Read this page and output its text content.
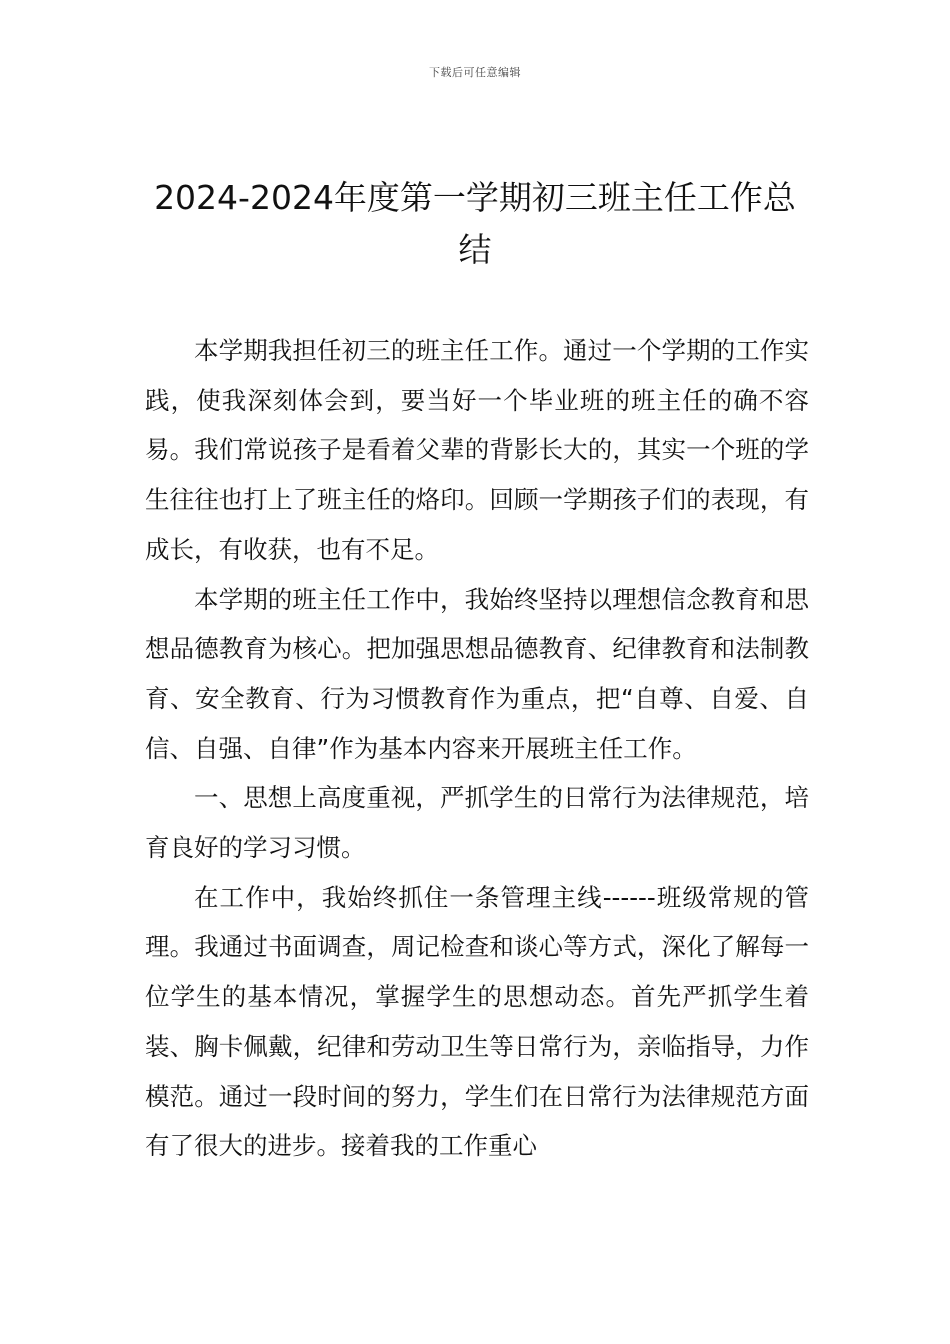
下载后可任意编辑
2024-2024年度第一学期初三班主任工作总结

本学期我担任初三的班主任工作。通过一个学期的工作实践，使我深刻体会到，要当好一个毕业班的班主任的确不容易。我们常说孩子是看着父辈的背影长大的，其实一个班的学生往往也打上了班主任的烙印。回顾一学期孩子们的表现，有成长，有收获，也有不足。

本学期的班主任工作中，我始终坚持以理想信念教育和思想品德教育为核心。把加强思想品德教育、纪律教育和法制教育、安全教育、行为习惯教育作为重点，把“自尊、自爱、自信、自强、自律”作为基本内容来开展班主任工作。

一、思想上高度重视，严抓学生的日常行为法律规范，培育良好的学习习惯。

在工作中，我始终抓住一条管理主线------班级常规的管理。我通过书面调查，周记检查和谈心等方式，深化了解每一位学生的基本情况，掌握学生的思想动态。首先严抓学生着装、胸卡佩戴，纪律和劳动卫生等日常行为，亲临指导，力作模范。通过一段时间的努力，学生们在日常行为法律规范方面有了很大的进步。接着我的工作重心
